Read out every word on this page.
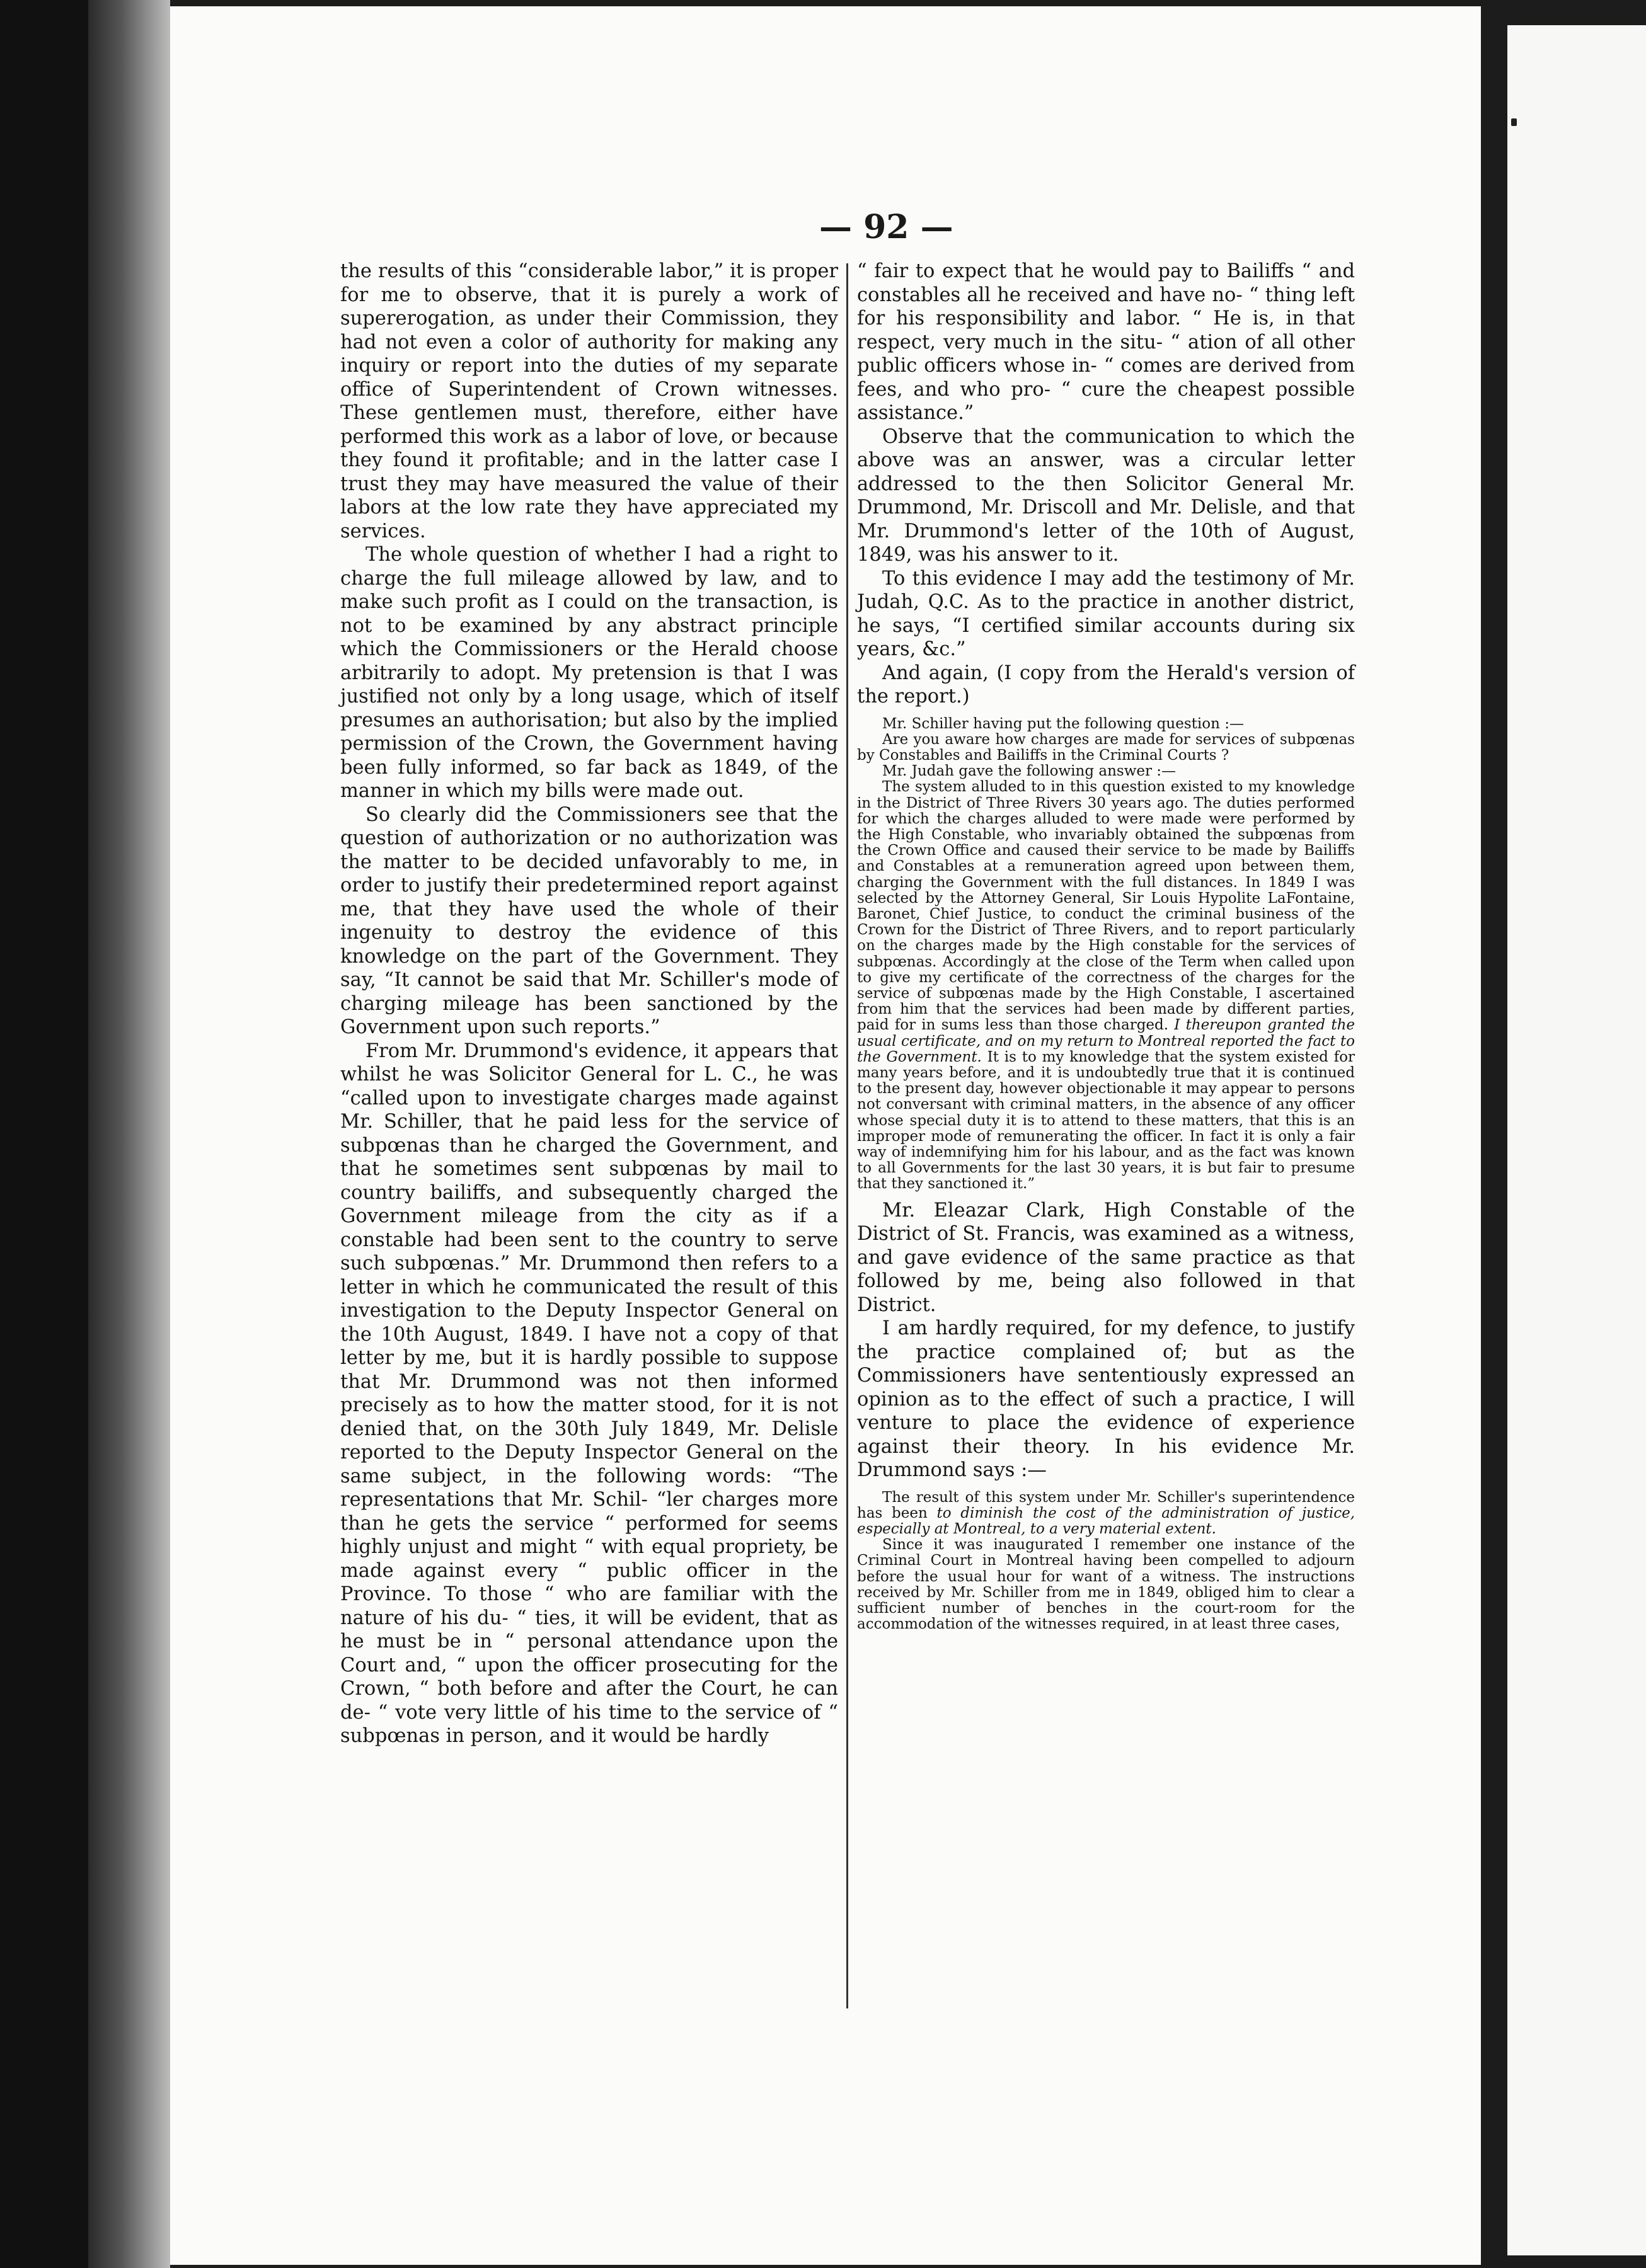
— 92 —

the results of this “considerable labor,” it is proper for me to observe, that it is purely a work of supererogation, as under their Commission, they had not even a color of authority for making any inquiry or report into the duties of my separate office of Superintendent of Crown witnesses. These gentlemen must, therefore, either have performed this work as a labor of love, or because they found it profitable; and in the latter case I trust they may have measured the value of their labors at the low rate they have appreciated my services.

The whole question of whether I had a right to charge the full mileage allowed by law, and to make such profit as I could on the transaction, is not to be examined by any abstract principle which the Commissioners or the Herald choose arbitrarily to adopt. My pretension is that I was justified not only by a long usage, which of itself presumes an authorisation; but also by the implied permission of the Crown, the Government having been fully informed, so far back as 1849, of the manner in which my bills were made out.

So clearly did the Commissioners see that the question of authorization or no authorization was the matter to be decided unfavorably to me, in order to justify their predetermined report against me, that they have used the whole of their ingenuity to destroy the evidence of this knowledge on the part of the Government. They say, “It cannot be said that Mr. Schiller's mode of charging mileage has been sanctioned by the Government upon such reports.”

From Mr. Drummond's evidence, it appears that whilst he was Solicitor General for L. C., he was “called upon to investigate charges made against Mr. Schiller, that he paid less for the service of subpœnas than he charged the Government, and that he sometimes sent subpœnas by mail to country bailiffs, and subsequently charged the Government mileage from the city as if a constable had been sent to the country to serve such subpœnas.” Mr. Drummond then refers to a letter in which he communicated the result of this investigation to the Deputy Inspector General on the 10th August, 1849. I have not a copy of that letter by me, but it is hardly possible to suppose that Mr. Drummond was not then informed precisely as to how the matter stood, for it is not denied that, on the 30th July 1849, Mr. Delisle reported to the Deputy Inspector General on the same subject, in the following words: “The representations that Mr. Schil- “ler charges more than he gets the service “ performed for seems highly unjust and might “ with equal propriety, be made against every “ public officer in the Province. To those “ who are familiar with the nature of his du- “ ties, it will be evident, that as he must be in “ personal attendance upon the Court and, “ upon the officer prosecuting for the Crown, “ both before and after the Court, he can de- “ vote very little of his time to the service of “ subpœnas in person, and it would be hardly

“ fair to expect that he would pay to Bailiffs “ and constables all he received and have no- “ thing left for his responsibility and labor. “ He is, in that respect, very much in the situ- “ ation of all other public officers whose in- “ comes are derived from fees, and who pro- “ cure the cheapest possible assistance.”

Observe that the communication to which the above was an answer, was a circular letter addressed to the then Solicitor General Mr. Drummond, Mr. Driscoll and Mr. Delisle, and that Mr. Drummond's letter of the 10th of August, 1849, was his answer to it.

To this evidence I may add the testimony of Mr. Judah, Q.C. As to the practice in another district, he says, “I certified similar accounts during six years, &c.”

And again, (I copy from the Herald's version of the report.)

Mr. Schiller having put the following question :—

Are you aware how charges are made for services of subpœnas by Constables and Bailiffs in the Criminal Courts ?

Mr. Judah gave the following answer :—

The system alluded to in this question existed to my knowledge in the District of Three Rivers 30 years ago. The duties performed for which the charges alluded to were made were performed by the High Constable, who invariably obtained the subpœnas from the Crown Office and caused their service to be made by Bailiffs and Constables at a remuneration agreed upon between them, charging the Government with the full distances. In 1849 I was selected by the Attorney General, Sir Louis Hypolite LaFontaine, Baronet, Chief Justice, to conduct the criminal business of the Crown for the District of Three Rivers, and to report particularly on the charges made by the High constable for the services of subpœnas. Accordingly at the close of the Term when called upon to give my certificate of the correctness of the charges for the service of subpœnas made by the High Constable, I ascertained from him that the services had been made by different parties, paid for in sums less than those charged. I thereupon granted the usual certificate, and on my return to Montreal reported the fact to the Government. It is to my knowledge that the system existed for many years before, and it is undoubtedly true that it is continued to the present day, however objectionable it may appear to persons not conversant with criminal matters, in the absence of any officer whose special duty it is to attend to these matters, that this is an improper mode of remunerating the officer. In fact it is only a fair way of indemnifying him for his labour, and as the fact was known to all Governments for the last 30 years, it is but fair to presume that they sanctioned it.”

Mr. Eleazar Clark, High Constable of the District of St. Francis, was examined as a witness, and gave evidence of the same practice as that followed by me, being also followed in that District.

I am hardly required, for my defence, to justify the practice complained of; but as the Commissioners have sententiously expressed an opinion as to the effect of such a practice, I will venture to place the evidence of experience against their theory. In his evidence Mr. Drummond says :—

The result of this system under Mr. Schiller's superintendence has been to diminish the cost of the administration of justice, especially at Montreal, to a very material extent.

Since it was inaugurated I remember one instance of the Criminal Court in Montreal having been compelled to adjourn before the usual hour for want of a witness. The instructions received by Mr. Schiller from me in 1849, obliged him to clear a sufficient number of benches in the court-room for the accommodation of the witnesses required, in at least three cases,
